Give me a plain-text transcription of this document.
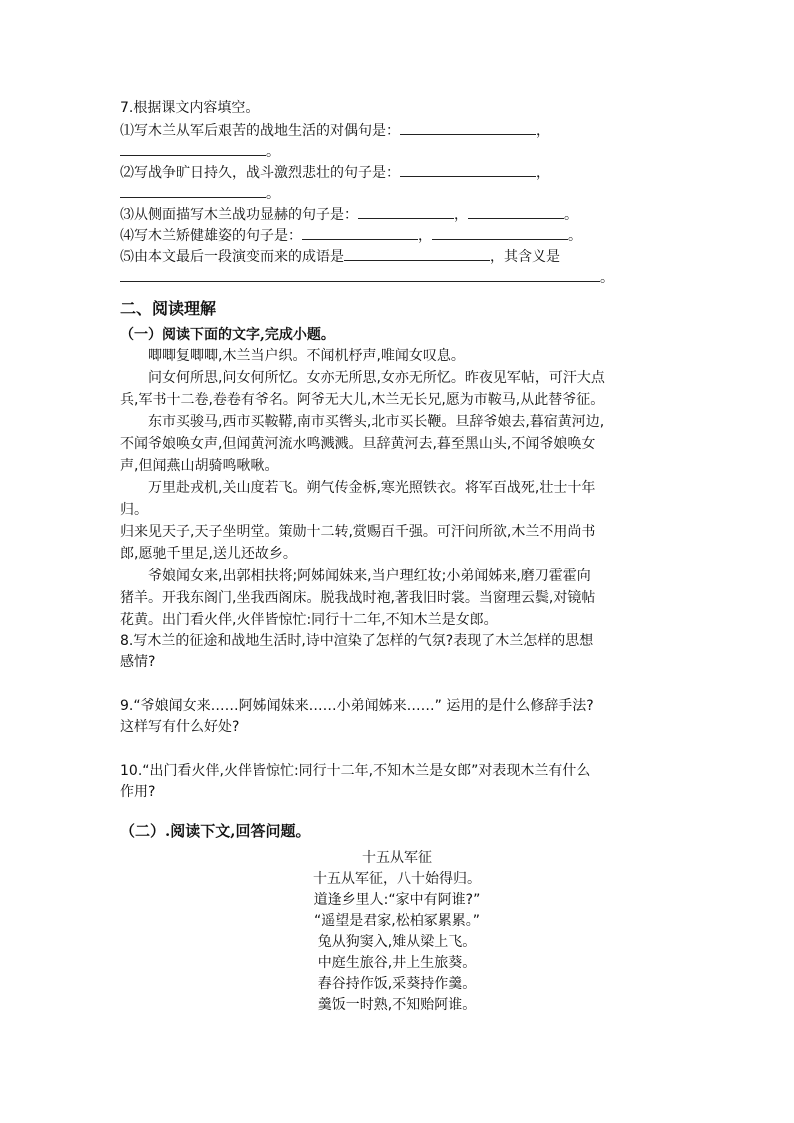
7.根据课文内容填空。
⑴写木兰从军后艰苦的战地生活的对偶句是：	，
。
⑵写战争旷日持久，战斗激烈悲壮的句子是：	，
。
⑶从侧面描写木兰战功显赫的句子是：	，	。
⑷写木兰矫健雄姿的句子是：	，	。
⑸由本文最后一段演变而来的成语是	，其含义是
。
二、阅读理解
（一）阅读下面的文字,完成小题。
唧唧复唧唧,木兰当户织。不闻机杼声,唯闻女叹息。
问女何所思,问女何所忆。女亦无所思,女亦无所忆。昨夜见军帖，可汗大点
兵,军书十二卷,卷卷有爷名。阿爷无大儿,木兰无长兄,愿为市鞍马,从此替爷征。
东市买骏马,西市买鞍鞯,南市买辔头,北市买长鞭。旦辞爷娘去,暮宿黄河边,
不闻爷娘唤女声,但闻黄河流水鸣溅溅。旦辞黄河去,暮至黑山头,不闻爷娘唤女
声,但闻燕山胡骑鸣啾啾。
万里赴戎机,关山度若飞。朔气传金柝,寒光照铁衣。将军百战死,壮士十年
归。
归来见天子,天子坐明堂。策勋十二转,赏赐百千强。可汗问所欲,木兰不用尚书
郎,愿驰千里足,送儿还故乡。
爷娘闻女来,出郭相扶将;阿姊闻妹来,当户理红妆;小弟闻姊来,磨刀霍霍向
猪羊。开我东阁门,坐我西阁床。脱我战时袍,著我旧时裳。当窗理云鬓,对镜帖
花黄。出门看火伴,火伴皆惊忙:同行十二年,不知木兰是女郎。
8.写木兰的征途和战地生活时,诗中渲染了怎样的气氛?表现了木兰怎样的思想
感情?
9.“爷娘闻女来……阿姊闻妹来……小弟闻姊来……” 运用的是什么修辞手法?
这样写有什么好处?
10.“出门看火伴,火伴皆惊忙:同行十二年,不知木兰是女郎”对表现木兰有什么
作用?
（二）.阅读下文,回答问题。
十五从军征
十五从军征，八十始得归。
道逢乡里人:“家中有阿谁?”
“遥望是君家,松柏冢累累。”
兔从狗窦入,雉从梁上飞。
中庭生旅谷,井上生旅葵。
舂谷持作饭,采葵持作羹。
羹饭一时熟,不知贻阿谁。
